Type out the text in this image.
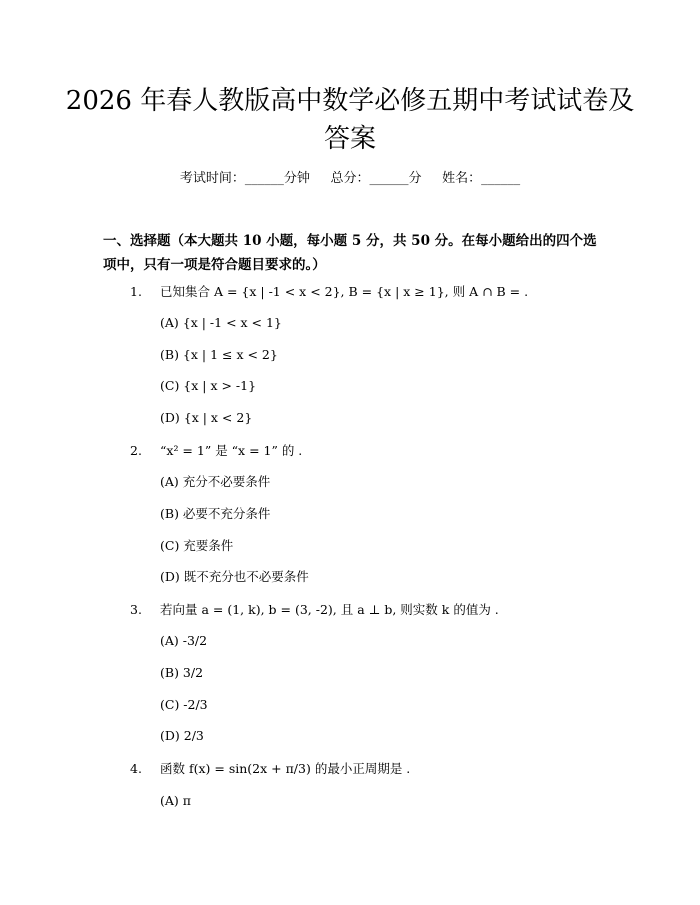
2026 年春人教版高中数学必修五期中考试试卷及答案
考试时间：______分钟     总分：______分     姓名：______
一、选择题（本大题共 10 小题，每小题 5 分，共 50 分。在每小题给出的四个选项中，只有一项是符合题目要求的。）
1. 已知集合 A = {x | -1 < x < 2}, B = {x | x ≥ 1}, 则 A ∩ B = .
(A) {x | -1 < x < 1}
(B) {x | 1 ≤ x < 2}
(C) {x | x > -1}
(D) {x | x < 2}
2. “x² = 1” 是 “x = 1” 的 .
(A) 充分不必要条件
(B) 必要不充分条件
(C) 充要条件
(D) 既不充分也不必要条件
3. 若向量 a = (1, k), b = (3, -2), 且 a ⊥ b, 则实数 k 的值为 .
(A) -3/2
(B) 3/2
(C) -2/3
(D) 2/3
4. 函数 f(x) = sin(2x + π/3) 的最小正周期是 .
(A) π
